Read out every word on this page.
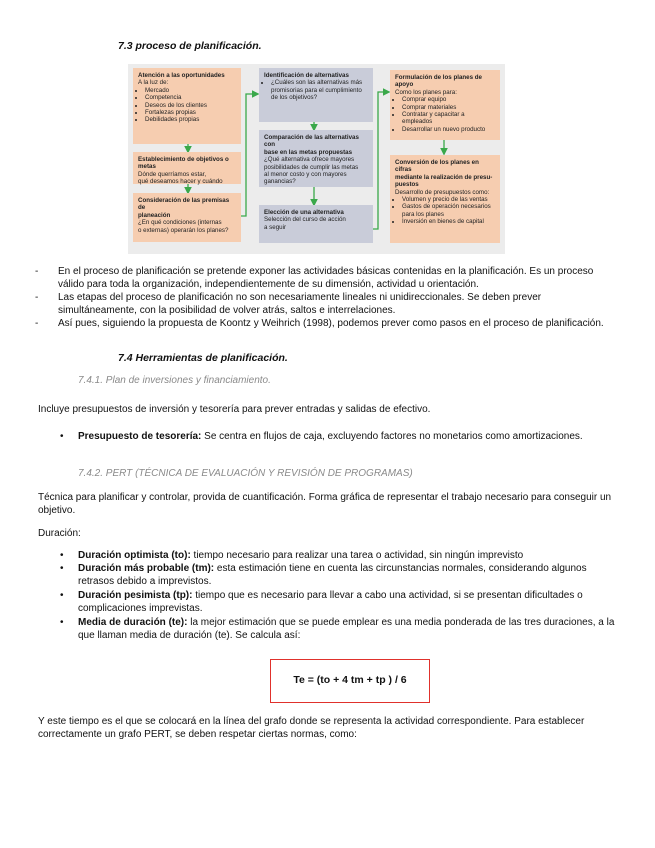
7.3 proceso de planificación.
Atención a las oportunidades
A la luz de:
• Mercado
• Competencia
• Deseos de los clientes
• Fortalezas propias
• Debilidades propias
Establecimiento de objetivos o metas
Dónde querríamos estar,
qué deseamos hacer y cuándo
Consideración de las premisas de
planeación
¿En qué condiciones (internas
o externas) operarán los planes?
Identificación de alternativas
• ¿Cuáles son las alternativas más promisorias para el cumplimiento de los objetivos?
Comparación de las alternativas con
base en las metas propuestas
¿Qué alternativa ofrece mayores
posibilidades de cumplir las metas
al menor costo y con mayores
ganancias?
Elección de una alternativa
Selección del curso de acción
a seguir
Formulación de los planes de apoyo
Como los planes para:
• Comprar equipo
• Comprar materiales
• Contratar y capacitar a empleados
• Desarrollar un nuevo producto
Conversión de los planes en cifras
mediante la realización de presu-
puestos
Desarrollo de presupuestos como:
• Volumen y precio de las ventas
• Gastos de operación necesarios para los planes
• Inversión en bienes de capital
- En el proceso de planificación se pretende exponer las actividades básicas contenidas en la planificación. Es un proceso válido para toda la organización, independientemente de su dimensión, actividad u orientación.
- Las etapas del proceso de planificación no son necesariamente lineales ni unidireccionales. Se deben prever simultáneamente, con la posibilidad de volver atrás, saltos e interrelaciones.
- Así pues, siguiendo la propuesta de Koontz y Weihrich (1998), podemos prever como pasos en el proceso de planificación.
7.4 Herramientas de planificación.
7.4.1. Plan de inversiones y financiamiento.
Incluye presupuestos de inversión y tesorería para prever entradas y salidas de efectivo.
• Presupuesto de tesorería: Se centra en flujos de caja, excluyendo factores no monetarios como amortizaciones.
7.4.2. PERT (TÉCNICA DE EVALUACIÓN Y REVISIÓN DE PROGRAMAS)
Técnica para planificar y controlar, provida de cuantificación. Forma gráfica de representar el trabajo necesario para conseguir un objetivo.
Duración:
• Duración optimista (to): tiempo necesario para realizar una tarea o actividad, sin ningún imprevisto
• Duración más probable (tm): esta estimación tiene en cuenta las circunstancias normales, considerando algunos retrasos debido a imprevistos.
• Duración pesimista (tp): tiempo que es necesario para llevar a cabo una actividad, si se presentan dificultades o complicaciones imprevistas.
• Media de duración (te): la mejor estimación que se puede emplear es una media ponderada de las tres duraciones, a la que llaman media de duración (te). Se calcula así:
Te = (to + 4 tm + tp ) / 6
Y este tiempo es el que se colocará en la línea del grafo donde se representa la actividad correspondiente. Para establecer correctamente un grafo PERT, se deben respetar ciertas normas, como:
